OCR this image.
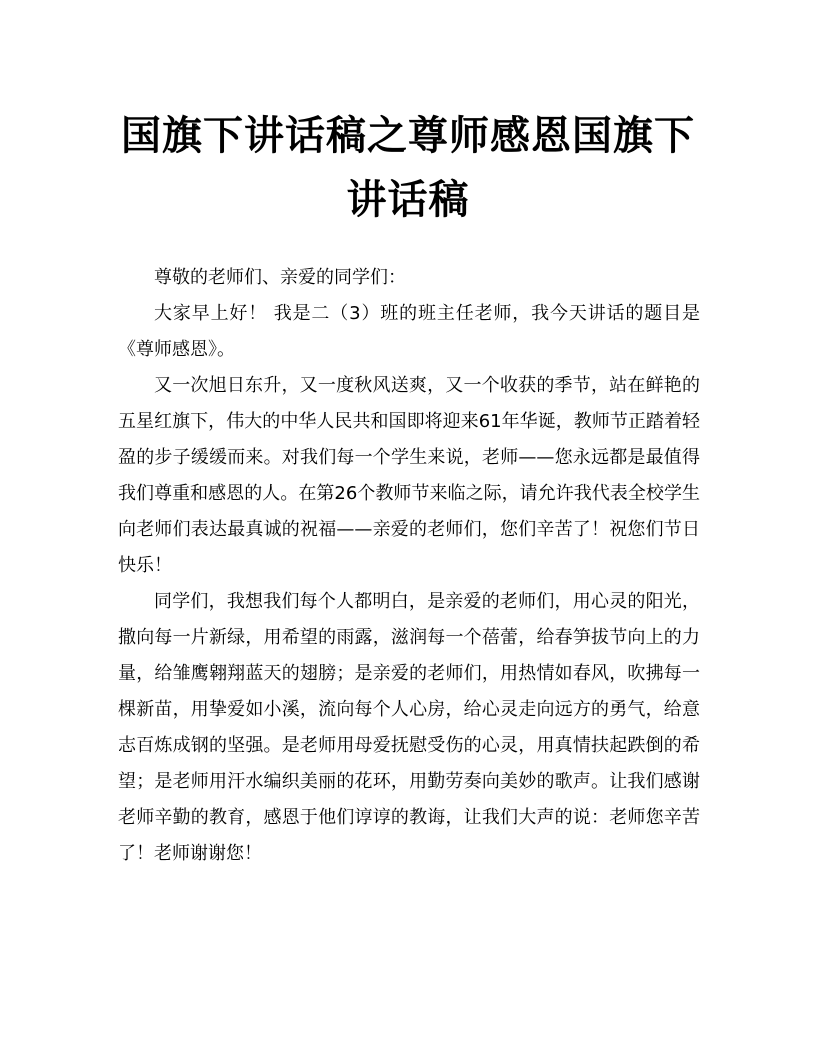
国旗下讲话稿之尊师感恩国旗下讲话稿

尊敬的老师们、亲爱的同学们：

大家早上好！ 我是二（3）班的班主任老师，我今天讲话的题目是《尊师感恩》。

又一次旭日东升，又一度秋风送爽，又一个收获的季节，站在鲜艳的五星红旗下，伟大的中华人民共和国即将迎来61年华诞，教师节正踏着轻盈的步子缓缓而来。对我们每一个学生来说，老师——您永远都是最值得我们尊重和感恩的人。在第26个教师节来临之际，请允许我代表全校学生向老师们表达最真诚的祝福——亲爱的老师们，您们辛苦了！祝您们节日快乐！

同学们，我想我们每个人都明白，是亲爱的老师们，用心灵的阳光，撒向每一片新绿，用希望的雨露，滋润每一个蓓蕾，给春笋拔节向上的力量，给雏鹰翱翔蓝天的翅膀；是亲爱的老师们，用热情如春风，吹拂每一棵新苗，用挚爱如小溪，流向每个人心房，给心灵走向远方的勇气，给意志百炼成钢的坚强。是老师用母爱抚慰受伤的心灵，用真情扶起跌倒的希望；是老师用汗水编织美丽的花环，用勤劳奏向美妙的歌声。让我们感谢老师辛勤的教育，感恩于他们谆谆的教诲，让我们大声的说：老师您辛苦了！老师谢谢您！
